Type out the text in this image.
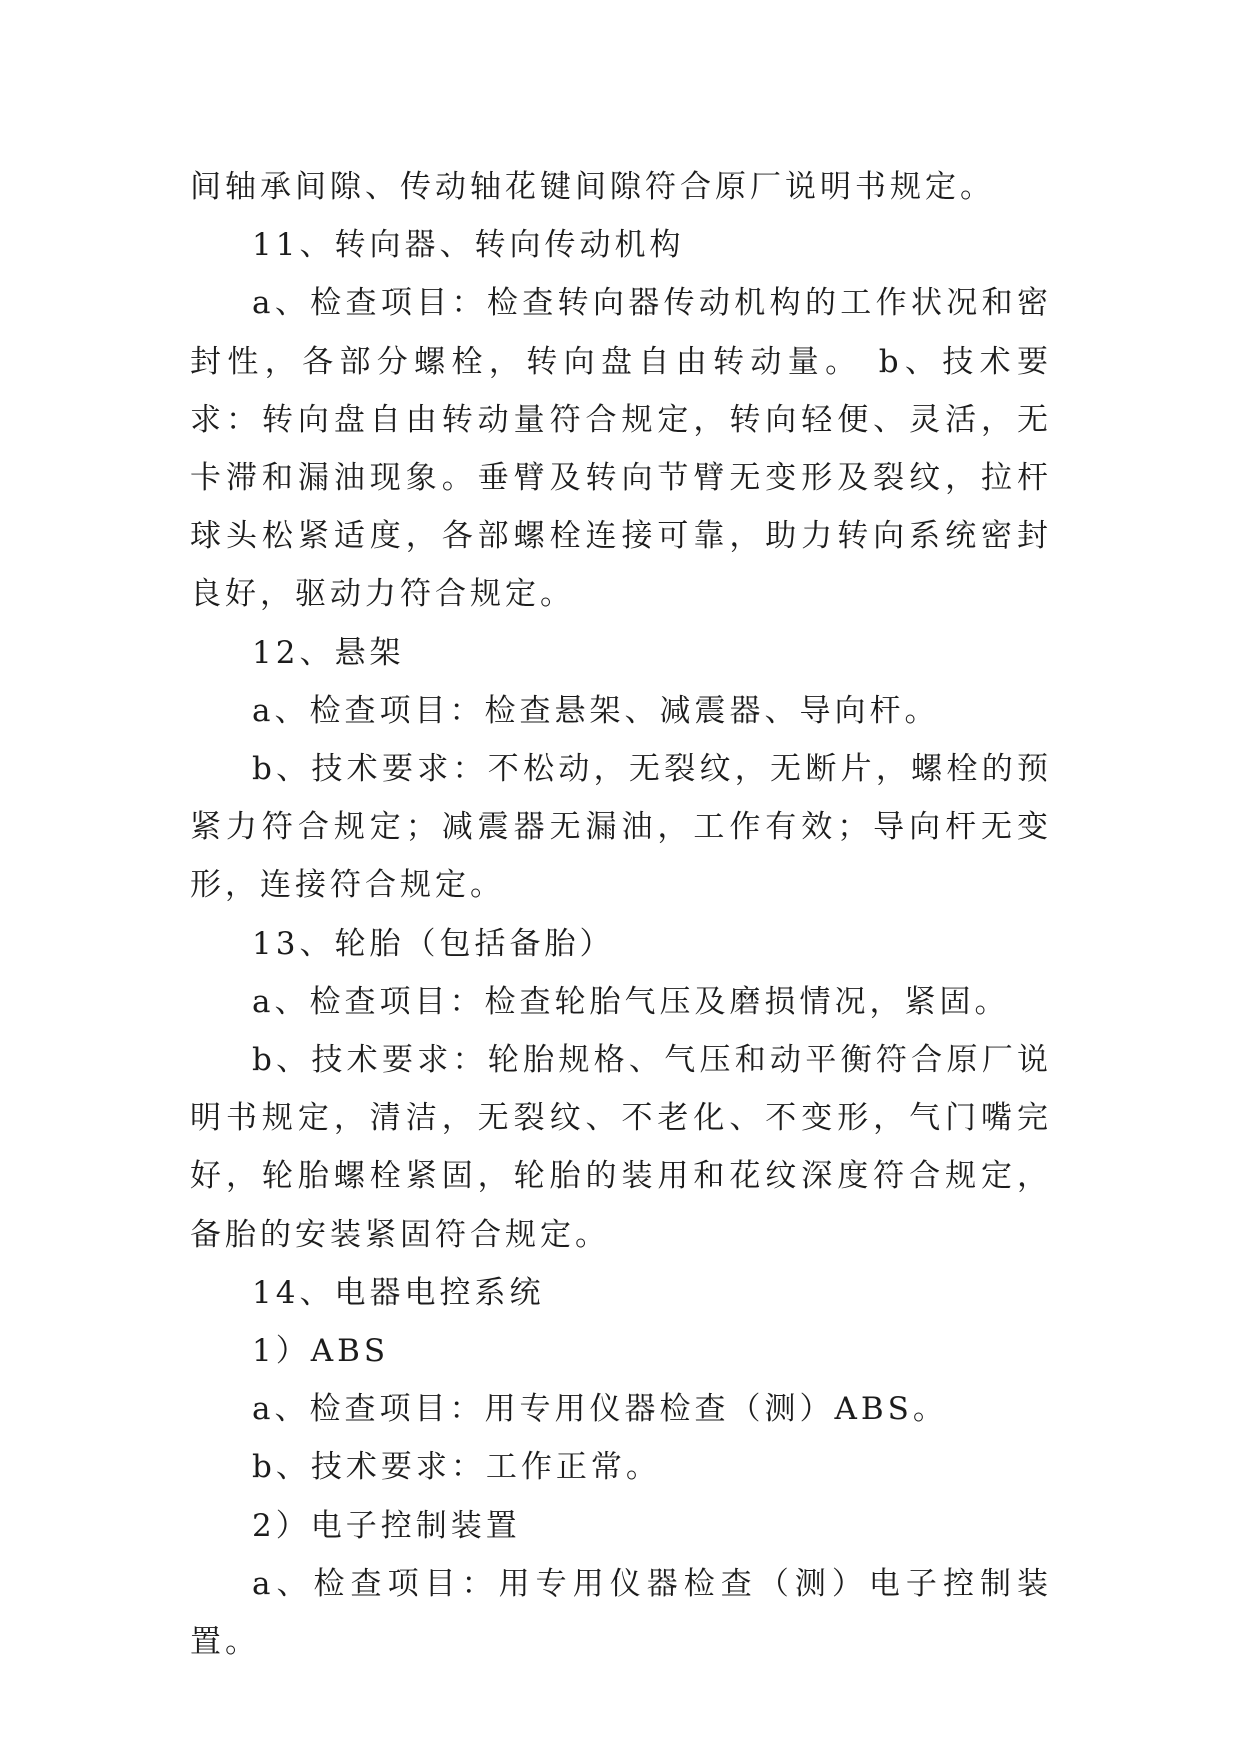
间轴承间隙、传动轴花键间隙符合原厂说明书规定。

11、转向器、转向传动机构

a、检查项目：检查转向器传动机构的工作状况和密封性，各部分螺栓，转向盘自由转动量。 b、技术要求：转向盘自由转动量符合规定，转向轻便、灵活，无卡滞和漏油现象。垂臂及转向节臂无变形及裂纹，拉杆球头松紧适度，各部螺栓连接可靠，助力转向系统密封良好，驱动力符合规定。

12、悬架

a、检查项目：检查悬架、减震器、导向杆。

b、技术要求：不松动，无裂纹，无断片，螺栓的预紧力符合规定；减震器无漏油，工作有效；导向杆无变形，连接符合规定。

13、轮胎（包括备胎）

a、检查项目：检查轮胎气压及磨损情况，紧固。

b、技术要求：轮胎规格、气压和动平衡符合原厂说明书规定，清洁，无裂纹、不老化、不变形，气门嘴完好，轮胎螺栓紧固，轮胎的装用和花纹深度符合规定，备胎的安装紧固符合规定。

14、电器电控系统

1）ABS

a、检查项目：用专用仪器检查（测）ABS。

b、技术要求：工作正常。

2）电子控制装置

a、检查项目：用专用仪器检查（测）电子控制装置。
